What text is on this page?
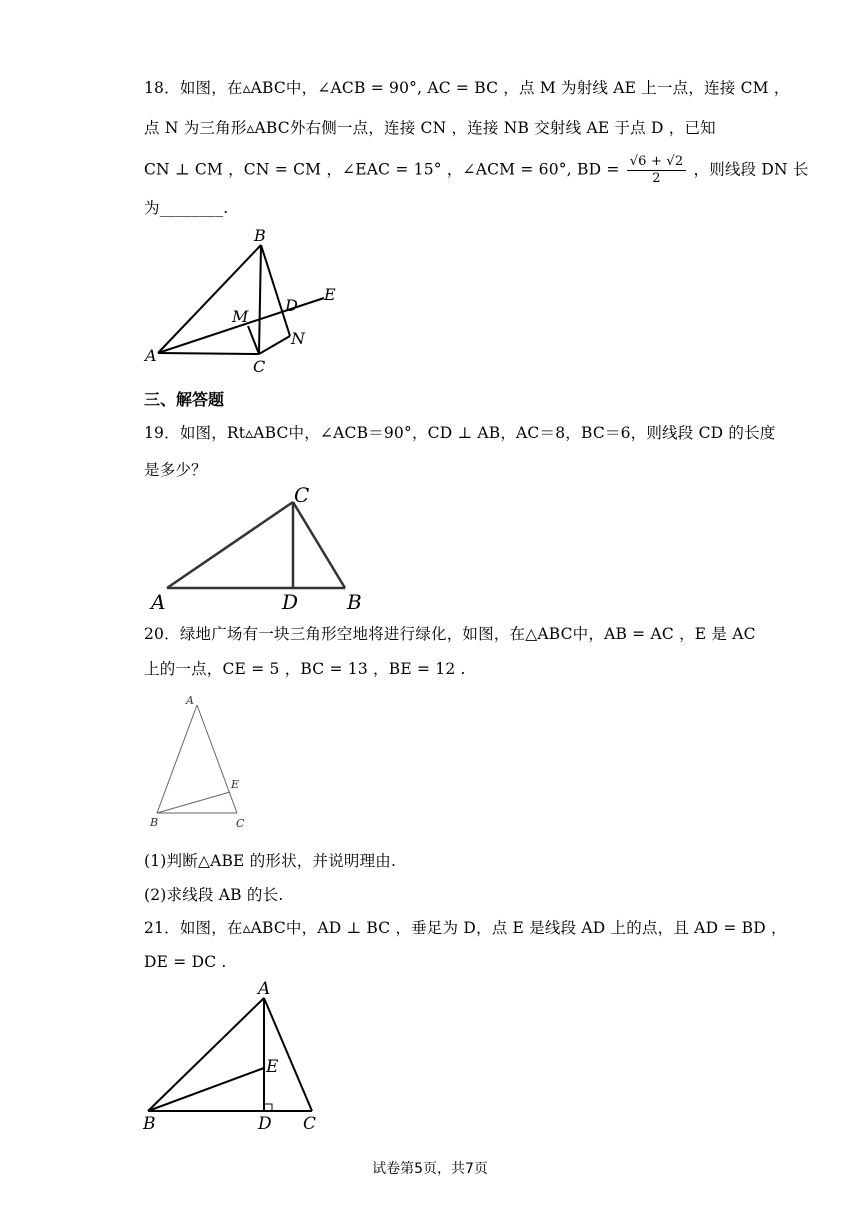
18．如图，在▵ABC中，∠ACB = 90°, AC = BC ，点 M 为射线 AE 上一点，连接 CM ，
点 N 为三角形▵ABC外右侧一点，连接 CN ，连接 NB 交射线 AE 于点 D ，已知
CN ⊥ CM ，CN = CM ，∠EAC = 15° ，∠ACM = 60°, BD = $\frac{√6 + √2}{2}$ ，则线段 DN 长
为________.
B
D
E
M
N
A
C
三、解答题
19．如图，Rt▵ABC中，∠ACB＝90°，CD ⊥ AB，AC＝8，BC＝6，则线段 CD 的长度
是多少？
C
A	D B
20．绿地广场有一块三角形空地将进行绿化，如图，在△ABC中，AB = AC ，E 是 AC
上的一点，CE = 5 ，BC = 13 ，BE = 12 .
A
E
B	C
(1)判断△ABE 的形状，并说明理由.
(2)求线段 AB 的长.
21．如图，在▵ABC中，AD ⊥ BC ，垂足为 D，点 E 是线段 AD 上的点，且 AD = BD ，
DE = DC .
A
E
B	D C
试卷第5页，共7页
